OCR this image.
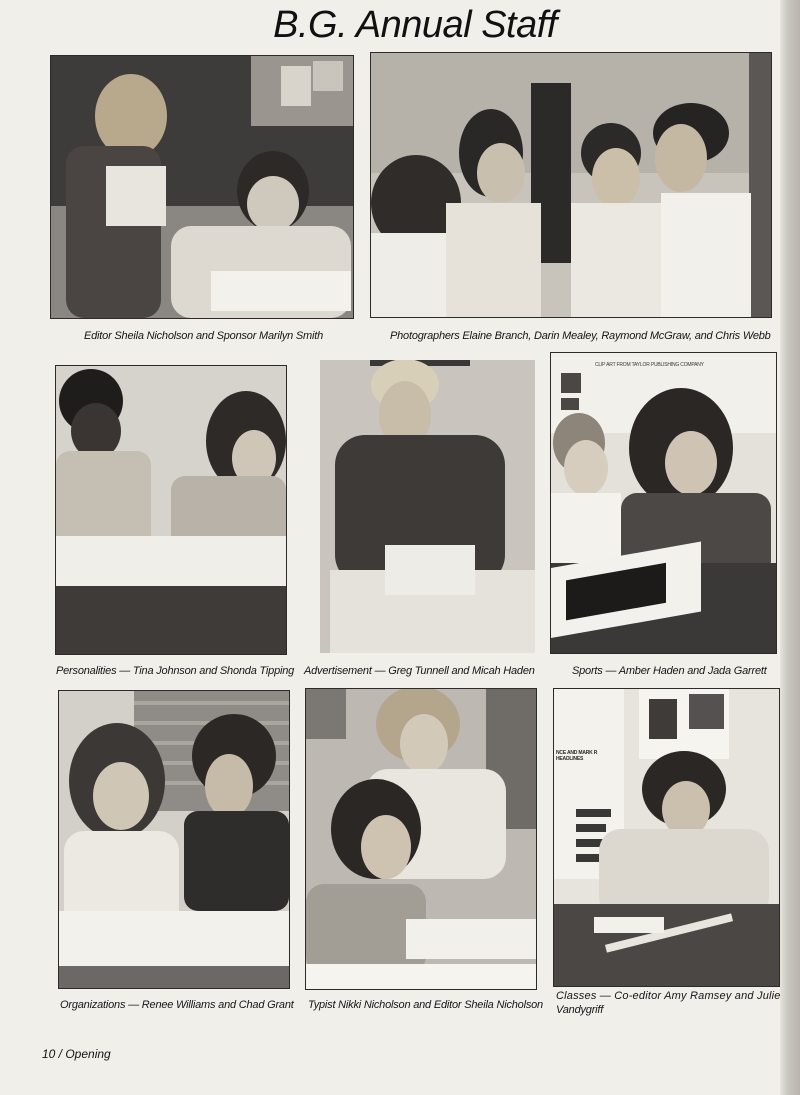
B.G. Annual Staff
Editor Sheila Nicholson and Sponsor Marilyn Smith	Photographers Elaine Branch, Darin Mealey, Raymond McGraw, and Chris Webb
Personalities — Tina Johnson and Shonda Tipping Advertisement — Greg Tunnell and Micah Haden	Sports — Amber Haden and Jada Garrett
Organizations — Renee Williams and Chad Grant Typist Nikki Nicholson and Editor Sheila Nicholson
Classes — Co-editor Amy Ramsey and Julie
Vandygriff
CLIP ART FROM TAYLOR PUBLISHING COMPANY
NCE AND MARK R HEADLINES
10 / Opening
